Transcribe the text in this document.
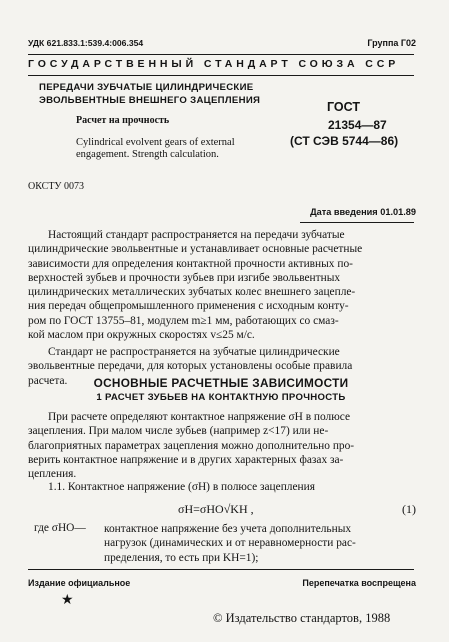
УДК 621.833.1:539.4:006.354	Группа Г02
ГОСУДАРСТВЕННЫЙ СТАНДАРТ СОЮЗА ССР
ПЕРЕДАЧИ ЗУБЧАТЫЕ ЦИЛИНДРИЧЕСКИЕ
ЭВОЛЬВЕНТНЫЕ ВНЕШНЕГО ЗАЦЕПЛЕНИЯ
Расчет на прочность
Cylindrical evolvent gears of external
engagement. Strength calculation.
ГОСТ
21354—87
(СТ СЭВ 5744—86)
ОКСТУ 0073
Дата введения 01.01.89

Настоящий стандарт распространяется на передачи зубчатые

цилиндрические эвольвентные и устанавливает основные расчетные
зависимости для определения контактной прочности активных по-
верхностей зубьев и прочности зубьев при изгибе эвольвентных
цилиндрических металлических зубчатых колес внешнего зацепле-
ния передач общепромышленного применения с исходным конту-
ром по ГОСТ 13755–81, модулем m≥1 мм, работающих со смаз-
кой маслом при окружных скоростях v≤25 м/с.

Стандарт не распространяется на зубчатые цилиндрические

эвольвентные передачи, для которых установлены особые правила
расчета.	ОСНОВНЫЕ РАСЧЕТНЫЕ ЗАВИСИМОСТИ
1 РАСЧЕТ ЗУБЬЕВ НА КОНТАКТНУЮ ПРОЧНОСТЬ

При расчете определяют контактное напряжение σH в полюсе

зацепления. При малом числе зубьев (например z<17) или не-
благоприятных параметрах зацепления можно дополнительно про-
верить контактное напряжение и в других характерных фазах за-
цепления.
1.1. Контактное напряжение (σH) в полюсе зацепления
σH=σHO√KH ,	(1)
где σHO— контактное напряжение без учета дополнительных
нагрузок (динамических и от неравномерности рас-
пределения, то есть при KH=1);
Издание официальное	Перепечатка воспрещена
★
© Издательство стандартов, 1988
